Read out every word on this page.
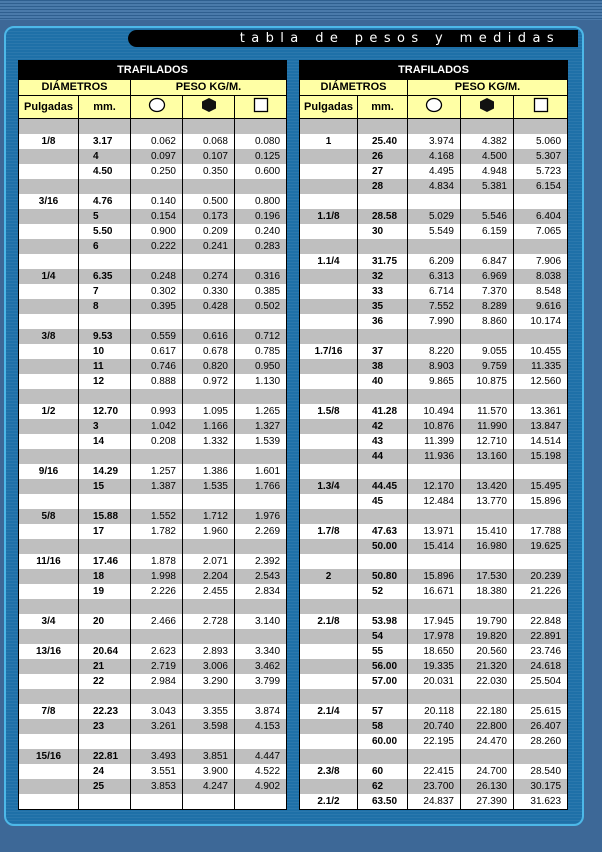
tabla de pesos y medidas
TRAFILADOS				
DIÁMETROS		PESO KG/M.		
Pulgadas	mm.			

1/8	3.17	0.062	0.068	0.080
	4	0.097	0.107	0.125
	4.50	0.250	0.350	0.600

3/16	4.76	0.140	0.500	0.800
	5	0.154	0.173	0.196
	5.50	0.900	0.209	0.240
	6	0.222	0.241	0.283

1/4	6.35	0.248	0.274	0.316
	7	0.302	0.330	0.385
	8	0.395	0.428	0.502

3/8	9.53	0.559	0.616	0.712
	10	0.617	0.678	0.785
	11	0.746	0.820	0.950
	12	0.888	0.972	1.130

1/2	12.70	0.993	1.095	1.265
	3	1.042	1.166	1.327
	14	0.208	1.332	1.539

9/16	14.29	1.257	1.386	1.601
	15	1.387	1.535	1.766

5/8	15.88	1.552	1.712	1.976
	17	1.782	1.960	2.269

11/16	17.46	1.878	2.071	2.392
	18	1.998	2.204	2.543
	19	2.226	2.455	2.834

3/4	20	2.466	2.728	3.140

13/16	20.64	2.623	2.893	3.340
	21	2.719	3.006	3.462
	22	2.984	3.290	3.799

7/8	22.23	3.043	3.355	3.874
	23	3.261	3.598	4.153

15/16	22.81	3.493	3.851	4.447
	24	3.551	3.900	4.522
	25	3.853	4.247	4.902

TRAFILADOS				
DIÁMETROS		PESO KG/M.		
Pulgadas	mm.			

1	25.40	3.974	4.382	5.060
	26	4.168	4.500	5.307
	27	4.495	4.948	5.723
	28	4.834	5.381	6.154

1.1/8	28.58	5.029	5.546	6.404
	30	5.549	6.159	7.065

1.1/4	31.75	6.209	6.847	7.906
	32	6.313	6.969	8.038
	33	6.714	7.370	8.548
	35	7.552	8.289	9.616
	36	7.990	8.860	10.174

1.7/16	37	8.220	9.055	10.455
	38	8.903	9.759	11.335
	40	9.865	10.875	12.560

1.5/8	41.28	10.494	11.570	13.361
	42	10.876	11.990	13.847
	43	11.399	12.710	14.514
	44	11.936	13.160	15.198

1.3/4	44.45	12.170	13.420	15.495
	45	12.484	13.770	15.896

1.7/8	47.63	13.971	15.410	17.788
	50.00	15.414	16.980	19.625

2	50.80	15.896	17.530	20.239
	52	16.671	18.380	21.226

2.1/8	53.98	17.945	19.790	22.848
	54	17.978	19.820	22.891
	55	18.650	20.560	23.746
	56.00	19.335	21.320	24.618
	57.00	20.031	22.030	25.504

2.1/4	57	20.118	22.180	25.615
	58	20.740	22.800	26.407
	60.00	22.195	24.470	28.260

2.3/8	60	22.415	24.700	28.540
	62	23.700	26.130	30.175
2.1/2	63.50	24.837	27.390	31.623
